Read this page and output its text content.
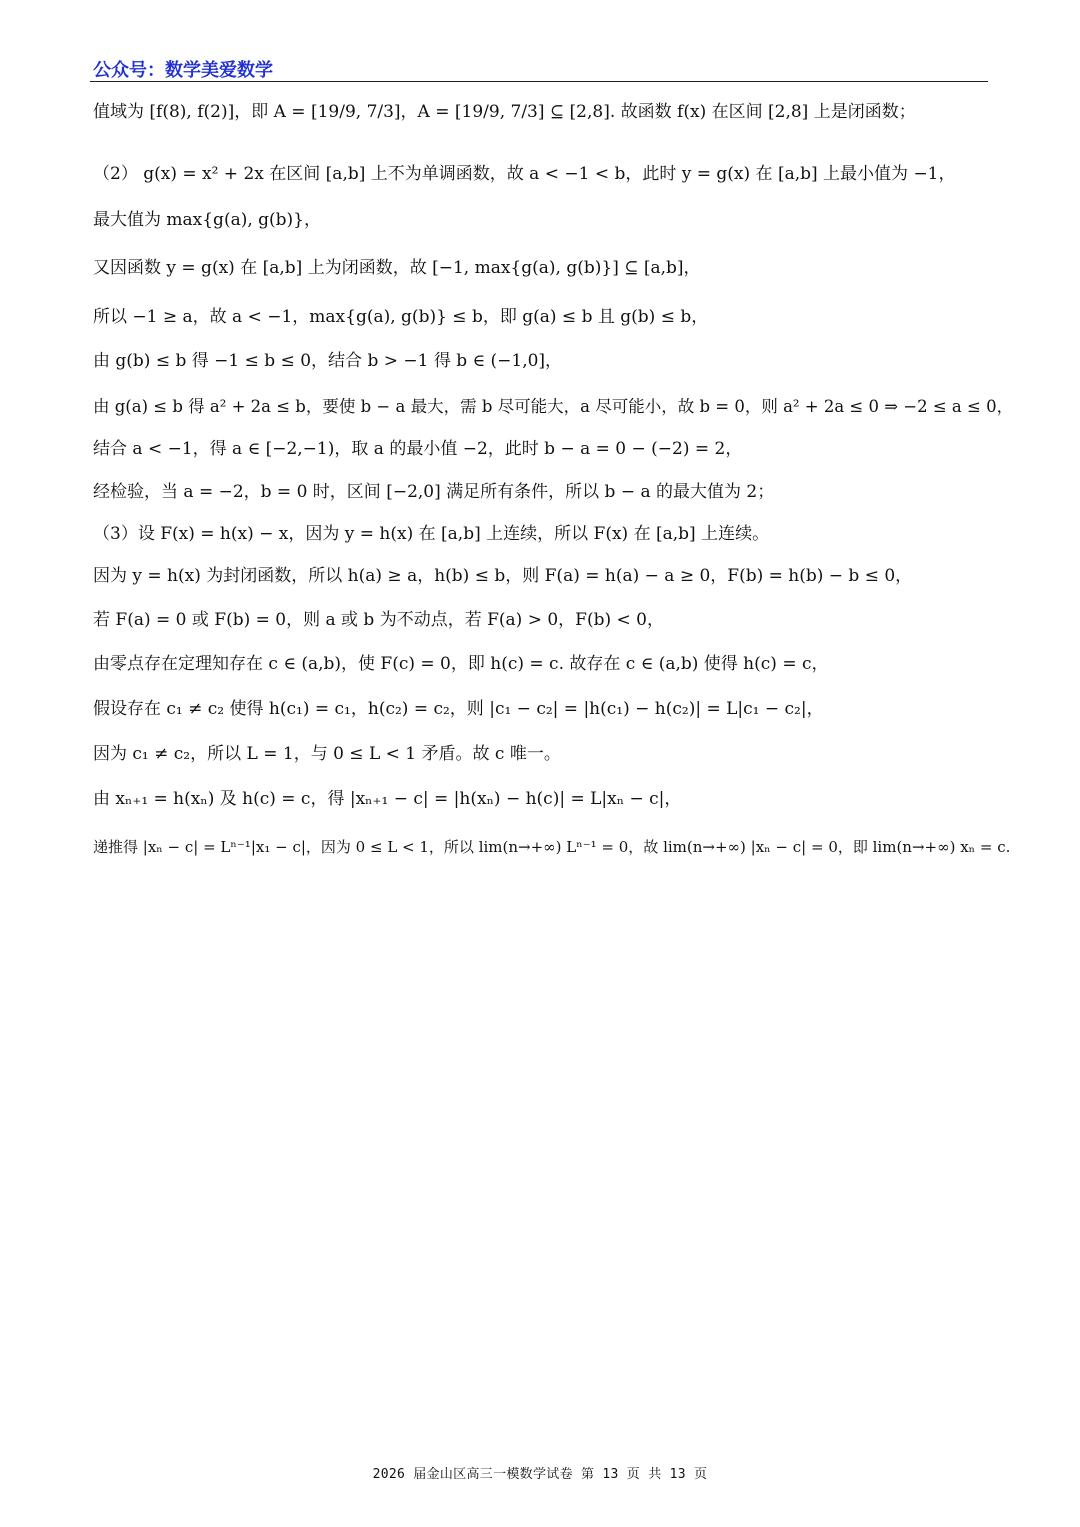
公众号：数学美爱数学
值域为 [f(8), f(2)]，即 A = [19/9, 7/3]，A = [19/9, 7/3] ⊆ [2,8]. 故函数 f(x) 在区间 [2,8] 上是闭函数；
（2） g(x) = x² + 2x 在区间 [a,b] 上不为单调函数，故 a < −1 < b，此时 y = g(x) 在 [a,b] 上最小值为 −1，
最大值为 max{g(a), g(b)}，
又因函数 y = g(x) 在 [a,b] 上为闭函数，故 [−1, max{g(a), g(b)}] ⊆ [a,b]，
所以 −1 ≥ a，故 a < −1，max{g(a), g(b)} ≤ b，即 g(a) ≤ b 且 g(b) ≤ b，
由 g(b) ≤ b 得 −1 ≤ b ≤ 0，结合 b > −1 得 b ∈ (−1,0]，
由 g(a) ≤ b 得 a² + 2a ≤ b，要使 b − a 最大，需 b 尽可能大，a 尽可能小，故 b = 0，则 a² + 2a ≤ 0 ⇒ −2 ≤ a ≤ 0，
结合 a < −1，得 a ∈ [−2,−1)，取 a 的最小值 −2，此时 b − a = 0 − (−2) = 2，
经检验，当 a = −2，b = 0 时，区间 [−2,0] 满足所有条件，所以 b − a 的最大值为 2；
（3）设 F(x) = h(x) − x，因为 y = h(x) 在 [a,b] 上连续，所以 F(x) 在 [a,b] 上连续。
因为 y = h(x) 为封闭函数，所以 h(a) ≥ a，h(b) ≤ b，则 F(a) = h(a) − a ≥ 0，F(b) = h(b) − b ≤ 0，
若 F(a) = 0 或 F(b) = 0，则 a 或 b 为不动点，若 F(a) > 0，F(b) < 0，
由零点存在定理知存在 c ∈ (a,b)，使 F(c) = 0，即 h(c) = c. 故存在 c ∈ (a,b) 使得 h(c) = c，
假设存在 c₁ ≠ c₂ 使得 h(c₁) = c₁，h(c₂) = c₂，则 |c₁ − c₂| = |h(c₁) − h(c₂)| = L|c₁ − c₂|，
因为 c₁ ≠ c₂，所以 L = 1，与 0 ≤ L < 1 矛盾。故 c 唯一。
由 xₙ₊₁ = h(xₙ) 及 h(c) = c，得 |xₙ₊₁ − c| = |h(xₙ) − h(c)| = L|xₙ − c|，
递推得 |xₙ − c| = Lⁿ⁻¹|x₁ − c|，因为 0 ≤ L < 1，所以 lim(n→+∞) Lⁿ⁻¹ = 0，故 lim(n→+∞) |xₙ − c| = 0，即 lim(n→+∞) xₙ = c.
2026 届金山区高三一模数学试卷 第 13 页 共 13 页
